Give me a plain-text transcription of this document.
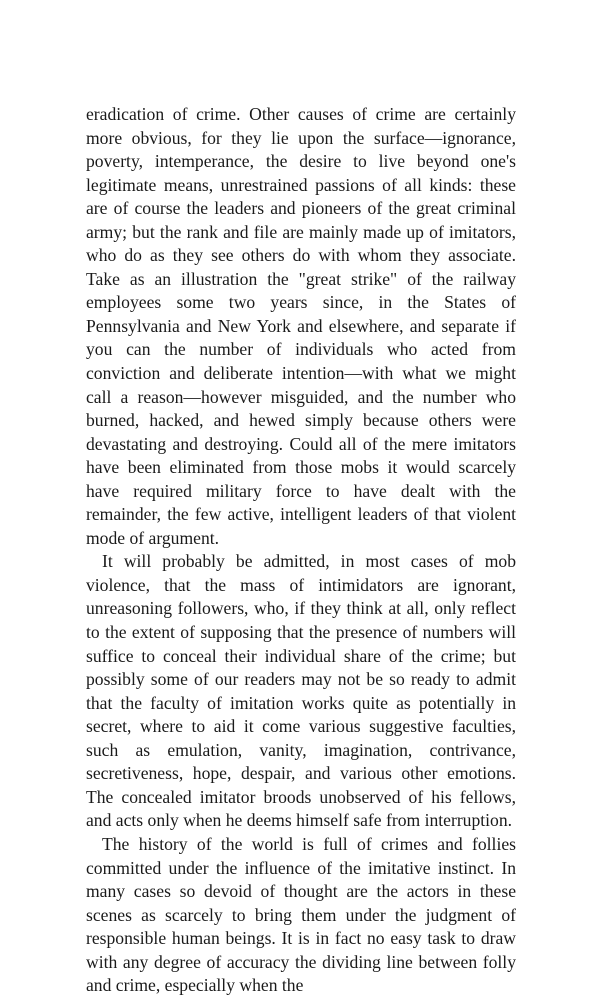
eradication of crime. Other causes of crime are certainly more obvious, for they lie upon the surface—ignorance, poverty, intemperance, the desire to live beyond one's legitimate means, unrestrained passions of all kinds: these are of course the leaders and pioneers of the great criminal army; but the rank and file are mainly made up of imitators, who do as they see others do with whom they associate. Take as an illustration the "great strike" of the railway employees some two years since, in the States of Pennsylvania and New York and elsewhere, and separate if you can the number of individuals who acted from conviction and deliberate intention—with what we might call a reason—however misguided, and the number who burned, hacked, and hewed simply because others were devastating and destroying. Could all of the mere imitators have been eliminated from those mobs it would scarcely have required military force to have dealt with the remainder, the few active, intelligent leaders of that violent mode of argument.

It will probably be admitted, in most cases of mob violence, that the mass of intimidators are ignorant, unreasoning followers, who, if they think at all, only reflect to the extent of supposing that the presence of numbers will suffice to conceal their individual share of the crime; but possibly some of our readers may not be so ready to admit that the faculty of imitation works quite as potentially in secret, where to aid it come various suggestive faculties, such as emulation, vanity, imagination, contrivance, secretiveness, hope, despair, and various other emotions. The concealed imitator broods unobserved of his fellows, and acts only when he deems himself safe from interruption.

The history of the world is full of crimes and follies committed under the influence of the imitative instinct. In many cases so devoid of thought are the actors in these scenes as scarcely to bring them under the judgment of responsible human beings. It is in fact no easy task to draw with any degree of accuracy the dividing line between folly and crime, especially when the
